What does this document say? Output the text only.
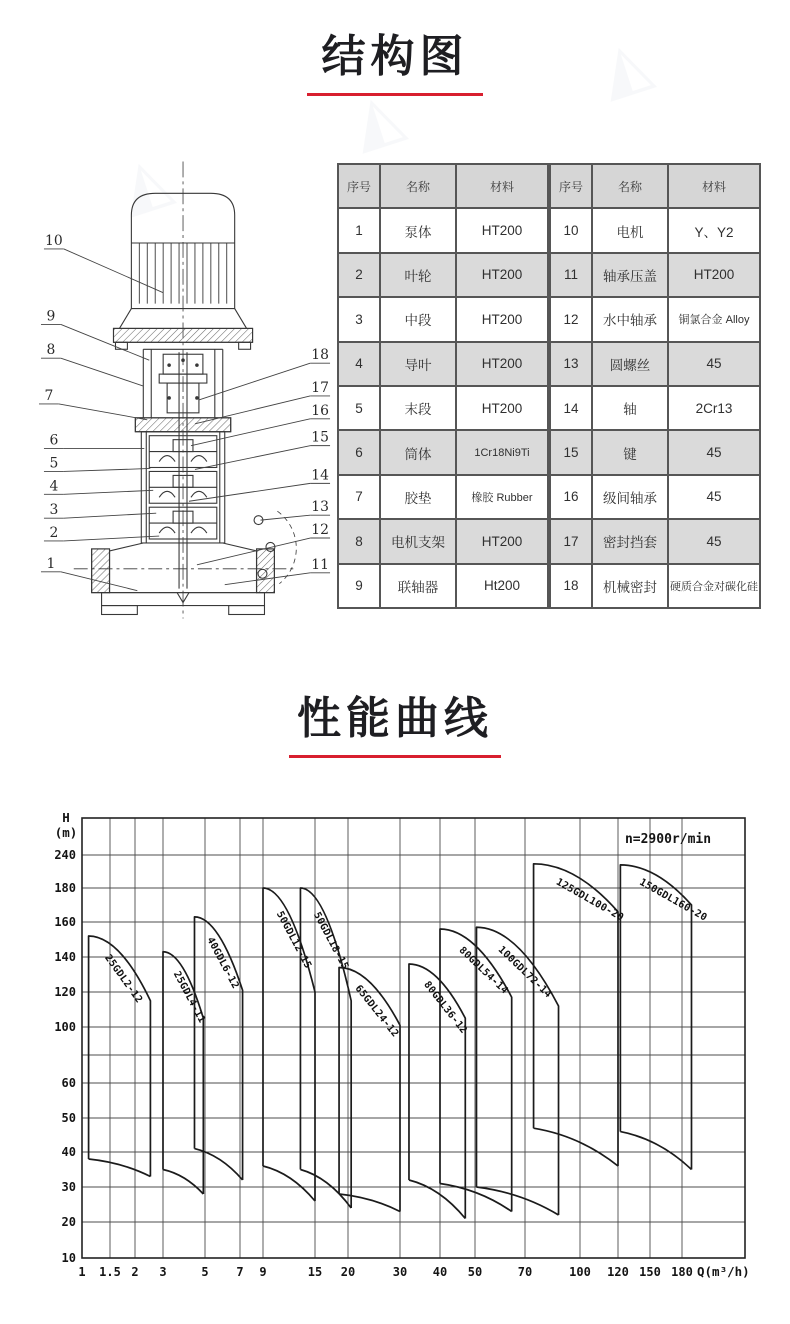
◭
◭
◭
结构图
10
9
8
7
6
5
4
3
2
1
18
17
16
15
14
13
12
11
序号	名称	材料
1	泵体	HT200
2	叶轮	HT200
3	中段	HT200
4	导叶	HT200
5	末段	HT200
6	筒体	1Cr18Ni9Ti
7	胶垫	橡胶 Rubber
8	电机支架	HT200
9	联轴器	Ht200
序号	名称	材料
10	电机	Y、Y2
11	轴承压盖	HT200
12	水中轴承	铜氯合金 Alloy
13	圆螺丝	45
14	轴	2Cr13
15	键	45
16	级间轴承	45
17	密封挡套	45
18	机械密封	硬质合金对碳化硅
性能曲线
10
20
30
40
50
60
100
120
140
160
180
240
1 1.5 2 3	5 7 9	15 20	30 40 50	70	100 120 150 180
H
(m)
Q(m³/h)
n=2900r/min
25GDL2-12	25GDL4-11
40GDL6-12	50GDL12-15
50GDL18-15
65GDL24-12 80GDL36-12
80GDL54-14
100GDL72-14
125GDL100-20 150GDL160-20
